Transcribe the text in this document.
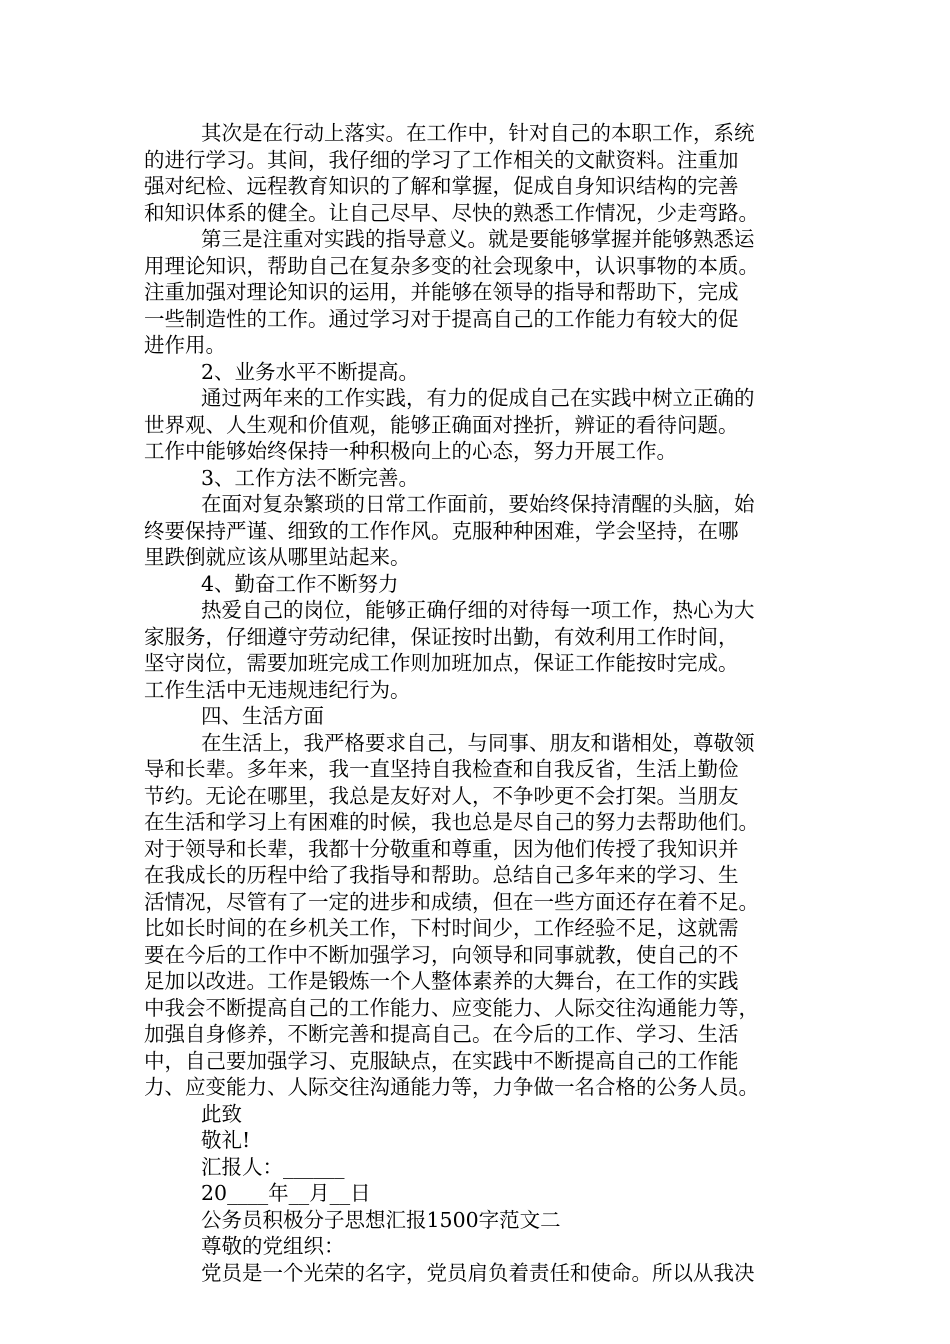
其次是在行动上落实。在工作中，针对自己的本职工作，系统
的进行学习。其间，我仔细的学习了工作相关的文献资料。注重加
强对纪检、远程教育知识的了解和掌握，促成自身知识结构的完善
和知识体系的健全。让自己尽早、尽快的熟悉工作情况，少走弯路。
第三是注重对实践的指导意义。就是要能够掌握并能够熟悉运
用理论知识，帮助自己在复杂多变的社会现象中，认识事物的本质。
注重加强对理论知识的运用，并能够在领导的指导和帮助下，完成
一些制造性的工作。通过学习对于提高自己的工作能力有较大的促
进作用。
2、业务水平不断提高。
通过两年来的工作实践，有力的促成自己在实践中树立正确的
世界观、人生观和价值观，能够正确面对挫折，辨证的看待问题。
工作中能够始终保持一种积极向上的心态，努力开展工作。
3、工作方法不断完善。
在面对复杂繁琐的日常工作面前，要始终保持清醒的头脑，始
终要保持严谨、细致的工作作风。克服种种困难，学会坚持，在哪
里跌倒就应该从哪里站起来。
4、勤奋工作不断努力
热爱自己的岗位，能够正确仔细的对待每一项工作，热心为大
家服务，仔细遵守劳动纪律，保证按时出勤，有效利用工作时间，
坚守岗位，需要加班完成工作则加班加点，保证工作能按时完成。
工作生活中无违规违纪行为。
四、生活方面
在生活上，我严格要求自己，与同事、朋友和谐相处，尊敬领
导和长辈。多年来，我一直坚持自我检查和自我反省，生活上勤俭
节约。无论在哪里，我总是友好对人，不争吵更不会打架。当朋友
在生活和学习上有困难的时候，我也总是尽自己的努力去帮助他们。
对于领导和长辈，我都十分敬重和尊重，因为他们传授了我知识并
在我成长的历程中给了我指导和帮助。总结自己多年来的学习、生
活情况，尽管有了一定的进步和成绩，但在一些方面还存在着不足。
比如长时间的在乡机关工作，下村时间少，工作经验不足，这就需
要在今后的工作中不断加强学习，向领导和同事就教，使自己的不
足加以改进。工作是锻炼一个人整体素养的大舞台，在工作的实践
中我会不断提高自己的工作能力、应变能力、人际交往沟通能力等，
加强自身修养，不断完善和提高自己。在今后的工作、学习、生活
中，自己要加强学习、克服缺点，在实践中不断提高自己的工作能
力、应变能力、人际交往沟通能力等，力争做一名合格的公务人员。
此致
敬礼!
汇报人：______
20____年__月__日
公务员积极分子思想汇报1500字范文二
尊敬的党组织：
党员是一个光荣的名字，党员肩负着责任和使命。所以从我决
